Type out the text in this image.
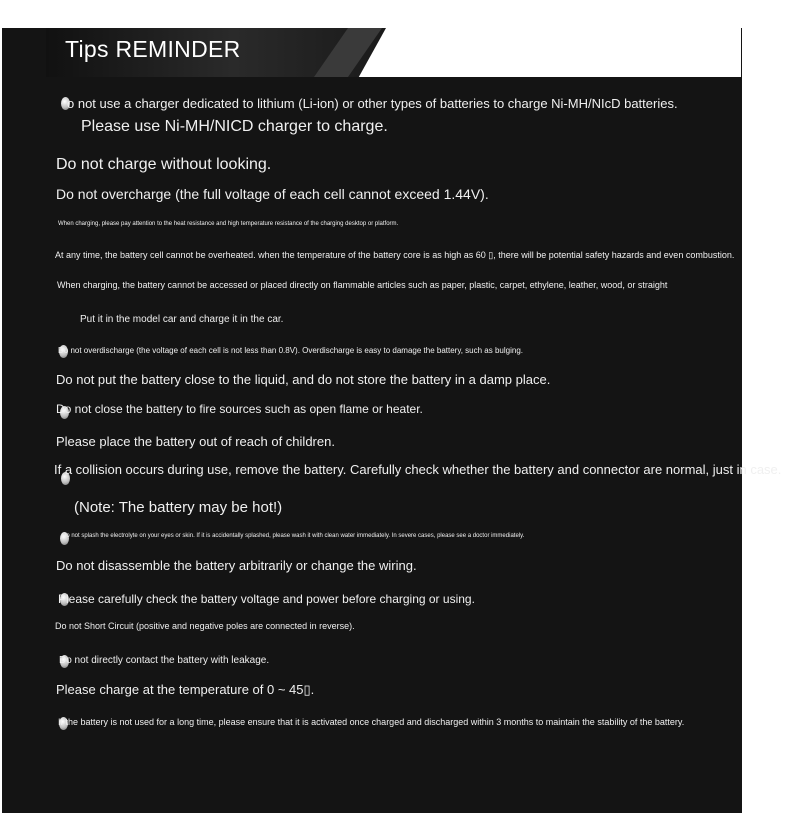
Tips REMINDER

o not use a charger dedicated to lithium (Li-ion) or other types of batteries to charge Ni-MH/NIcD batteries.

Please use Ni-MH/NICD charger to charge.

Do not charge without looking.

Do not overcharge (the full voltage of each cell cannot exceed 1.44V).

When charging, please pay attention to the heat resistance and high temperature resistance of the charging desktop or platform.

At any time, the battery cell cannot be overheated. when the temperature of the battery core is as high as 60 ▯, there will be potential safety hazards and even combustion.

When charging, the battery cannot be accessed or placed directly on flammable articles such as paper, plastic, carpet, ethylene, leather, wood, or straight

Put it in the model car and charge it in the car.

Do not overdischarge (the voltage of each cell is not less than 0.8V). Overdischarge is easy to damage the battery, such as bulging.

Do not put the battery close to the liquid, and do not store the battery in a damp place.

Do not close the battery to fire sources such as open flame or heater.

Please place the battery out of reach of children.

If a collision occurs during use, remove the battery. Carefully check whether the battery and connector are normal, just in case.

(Note: The battery may be hot!)

Do not splash the electrolyte on your eyes or skin. If it is accidentally splashed, please wash it with clean water immediately. In severe cases, please see a doctor immediately.

Do not disassemble the battery arbitrarily or change the wiring.

Please carefully check the battery voltage and power before charging or using.

Do not Short Circuit (positive and negative poles are connected in reverse).

Do not directly contact the battery with leakage.

Please charge at the temperature of 0 ~ 45▯.

If the battery is not used for a long time, please ensure that it is activated once charged and discharged within 3 months to maintain the stability of the battery.
